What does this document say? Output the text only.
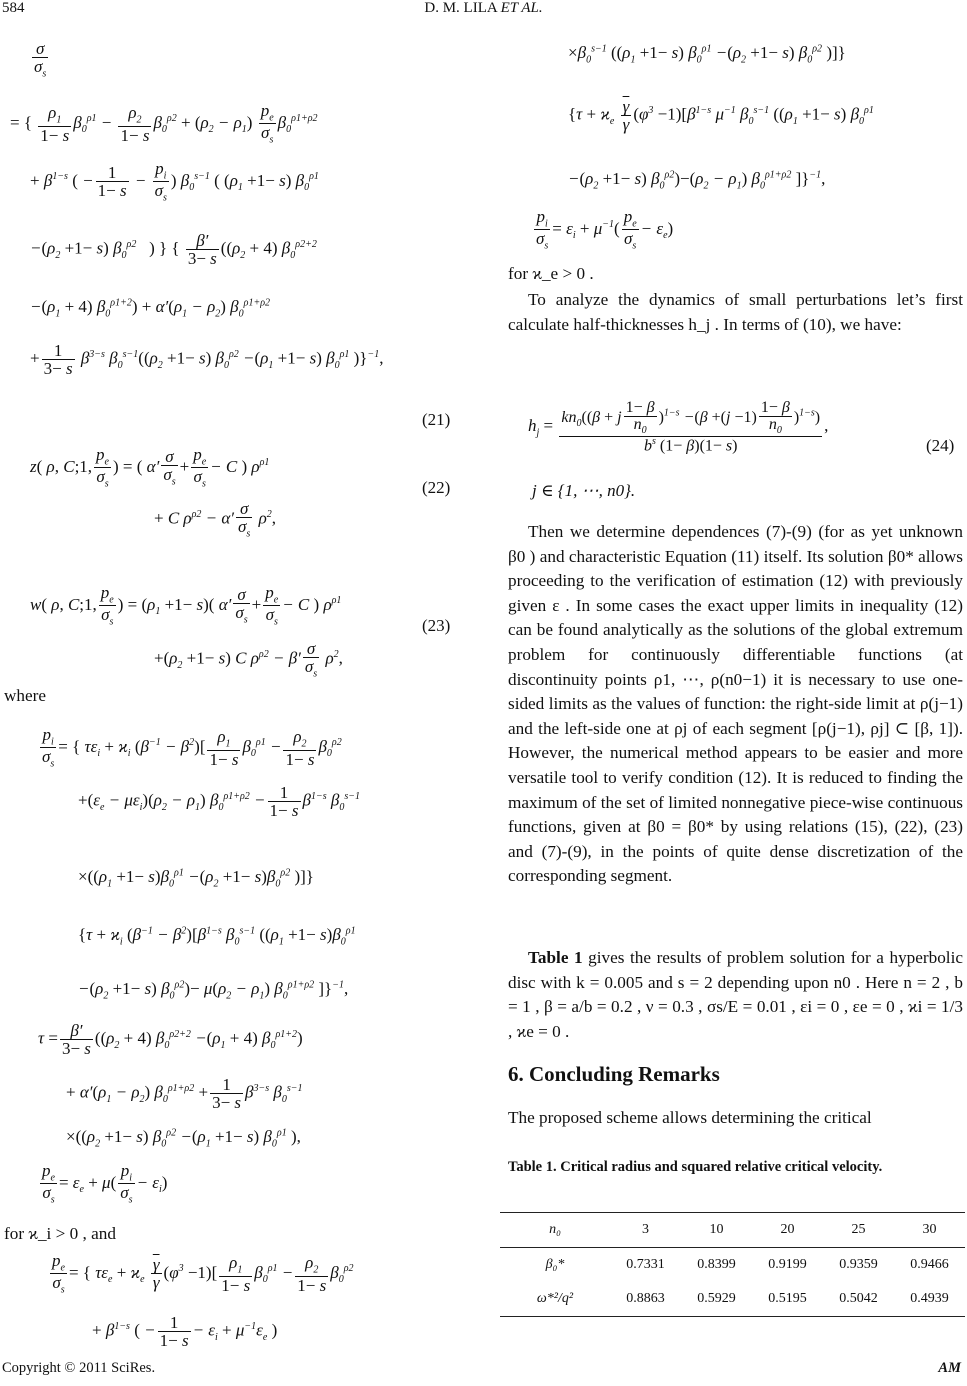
584	D. M. LILA ET AL.
$\frac{\sigma}{\sigma_s}$
= { $\frac{\rho_1}{1- s} \beta_0^{\rho 1} - \frac{\rho_2}{1- s} \beta_0^{\rho 2} + (\rho_2 - \rho_1) \frac{p_e}{\sigma_s} \beta_0^{\rho 1+\rho 2}$
+ $\beta^{1-s}$ ( − $\frac{1}{1- s} - \frac{p_i}{\sigma_s}$ ) $\beta_0^{s-1}$ ( $(\rho_1 +1- s)$ $\beta_0^{\rho 1}$
$-(\rho_2 +1- s)$ $\beta_0^{\rho 2}$   ) } { $\frac{\beta'}{3- s} ((\rho_2 + 4)$ $\beta_0^{\rho 2+2}$
$-(\rho_1 + 4) \beta_0^{\rho 1+2}) + \alpha'(\rho_1 - \rho_2)$ $\beta_0^{\rho 1+\rho 2}$
+ $\frac{1}{3- s} \beta^{3-s}$ $\beta_0^{s-1}((\rho_2 +1- s)$ $\beta_0^{\rho 2} -(\rho_1 +1- s)$ $\beta_0^{\rho 1}$ )}$^{-1}$,
(21)
z( ρ, C;1, $\frac{p_e}{\sigma_s}$ ) = ( $\alpha' \frac{\sigma}{\sigma_s} + \frac{p_e}{\sigma_s} - C$ ) $\rho^{\rho 1}$
+ C $\rho^{\rho 2} - \alpha' \frac{\sigma}{\sigma_s} \rho^2$,
(22)
w( ρ, C;1, $\frac{p_e}{\sigma_s}$ ) = $(\rho_1 +1- s)$( $\alpha' \frac{\sigma}{\sigma_s} + \frac{p_e}{\sigma_s} - C$ ) $\rho^{\rho 1}$
$+(\rho_2 +1- s)$ C $\rho^{\rho 2} - \beta' \frac{\sigma}{\sigma_s} \rho^2$,
(23)
where
$\frac{p_i}{\sigma_s}$ = { $\tau\varepsilon_i + ϰ_i$ $(\beta^{-1} - \beta^2)[ \frac{\rho_1}{1- s} \beta_0^{\rho 1} - \frac{\rho_2}{1- s} \beta_0^{\rho 2}$
$+(\varepsilon_e - \mu\varepsilon_i)(\rho_2 - \rho_1) \beta_0^{\rho 1+\rho 2} - \frac{1}{1- s} \beta^{1-s}$ $\beta_0^{s-1}$
$\times((\rho_1 +1- s)\beta_0^{\rho 1} -(\rho_2 +1- s)\beta_0^{\rho 2}$ )]}
{$\tau + ϰ_i$ $(\beta^{-1} - \beta^2)[\beta^{1-s}$ $\beta_0^{s-1}$ ($(\rho_1 +1- s)\beta_0^{\rho 1}$
$-(\rho_2 +1- s)$ $\beta_0^{\rho 2})- \mu(\rho_2 - \rho_1)$ $\beta_0^{\rho 1+\rho 2}$ ]}$^{-1}$,
$\tau = \frac{\beta'}{3- s} ((\rho_2 + 4)$ $\beta_0^{\rho 2+2} -(\rho_1 + 4)$ $\beta_0^{\rho 1+2}$)
+ $\alpha'(\rho_1 - \rho_2) \beta_0^{\rho 1+\rho 2} + \frac{1}{3- s} \beta^{3-s}$ $\beta_0^{s-1}$
$\times((\rho_2 +1- s)$ $\beta_0^{\rho 2} -(\rho_1 +1- s)$ $\beta_0^{\rho 1}$ ),
$\frac{p_e}{\sigma_s} = \varepsilon_e + \mu( \frac{p_i}{\sigma_s} - \varepsilon_i)$
for ϰ_i > 0 , and
$\frac{p_e}{\sigma_s}$ = { $\tau\varepsilon_e + ϰ_e \frac{\overline{\gamma}}{\gamma} (\varphi^3 -1)[ \frac{\rho_1}{1- s} \beta_0^{\rho 1} - \frac{\rho_2}{1- s} \beta_0^{\rho 2}$
+ $\beta^{1-s}$ ( − $\frac{1}{1- s} - \varepsilon_i + \mu^{-1}\varepsilon_e$ )
$\times\beta_0^{s-1}$ ($(\rho_1 +1- s)$ $\beta_0^{\rho 1} -(\rho_2 +1- s)$ $\beta_0^{\rho 2}$ )]}
{$\tau + ϰ_e \frac{\overline{\gamma}}{\gamma} (\varphi^3 -1)[\beta^{1-s}$ $\mu^{-1}$ $\beta_0^{s-1}$ ($(\rho_1 +1- s)$ $\beta_0^{\rho 1}$
$-(\rho_2 +1- s) \beta_0^{\rho 2})-(\rho_2 - \rho_1)$ $\beta_0^{\rho 1+\rho 2}$ ]}$^{-1}$,
$\frac{p_i}{\sigma_s} = \varepsilon_i + \mu^{-1}( \frac{p_e}{\sigma_s} - \varepsilon_e)$
for ϰ_e > 0 .
To analyze the dynamics of small perturbations let’s first calculate half-thicknesses h_j . In terms of (10), we have:
$h_j = \frac{kn_0((\beta + j \frac{1- \beta}{n_0} )^{1-s} -(\beta +(j -1) \frac{1- \beta}{n_0} )^{1-s})}{b^s (1- \beta)(1- s)}$ ,
(24)
j ∈ {1, ⋯, n0}.
Then we determine dependences (7)-(9) (for as yet unknown β0 ) and characteristic Equation (11) itself. Its solution β0* allows proceeding to the verification of estimation (12) with previously given ε . In some cases the exact upper limits in inequality (12) can be found analytically as the solutions of the global extremum problem for continuously differentiable functions (at discontinuity points ρ1, ⋯, ρ(n0−1) it is necessary to use one-sided limits as the values of function: the right-side limit at ρ(j−1) and the left-side one at ρj of each segment [ρ(j−1), ρj] ⊂ [β, 1]). However, the numerical method appears to be easier and more versatile tool to verify condition (12). It is reduced to finding the maximum of the set of limited nonnegative piece-wise continuous functions, given at β0 = β0* by using relations (15), (22), (23) and (7)-(9), in the points of quite dense discretization of the corresponding segment.
Table 1 gives the results of problem solution for a hyperbolic disc with k = 0.005 and s = 2 depending upon n0 . Here n = 2 , b = 1 , β = a/b = 0.2 , ν = 0.3 , σs/E = 0.01 , εi = 0 , εe = 0 , ϰi = 1/3 , ϰe = 0 .
6. Concluding Remarks
The proposed scheme allows determining the critical
Table 1. Critical radius and squared relative critical velocity.
n₀	3	10	20	25	30
β₀*	0.7331	0.8399	0.9199	0.9359	0.9466
ω*²/q²	0.8863	0.5929	0.5195	0.5042	0.4939
Copyright © 2011 SciRes.	AM
